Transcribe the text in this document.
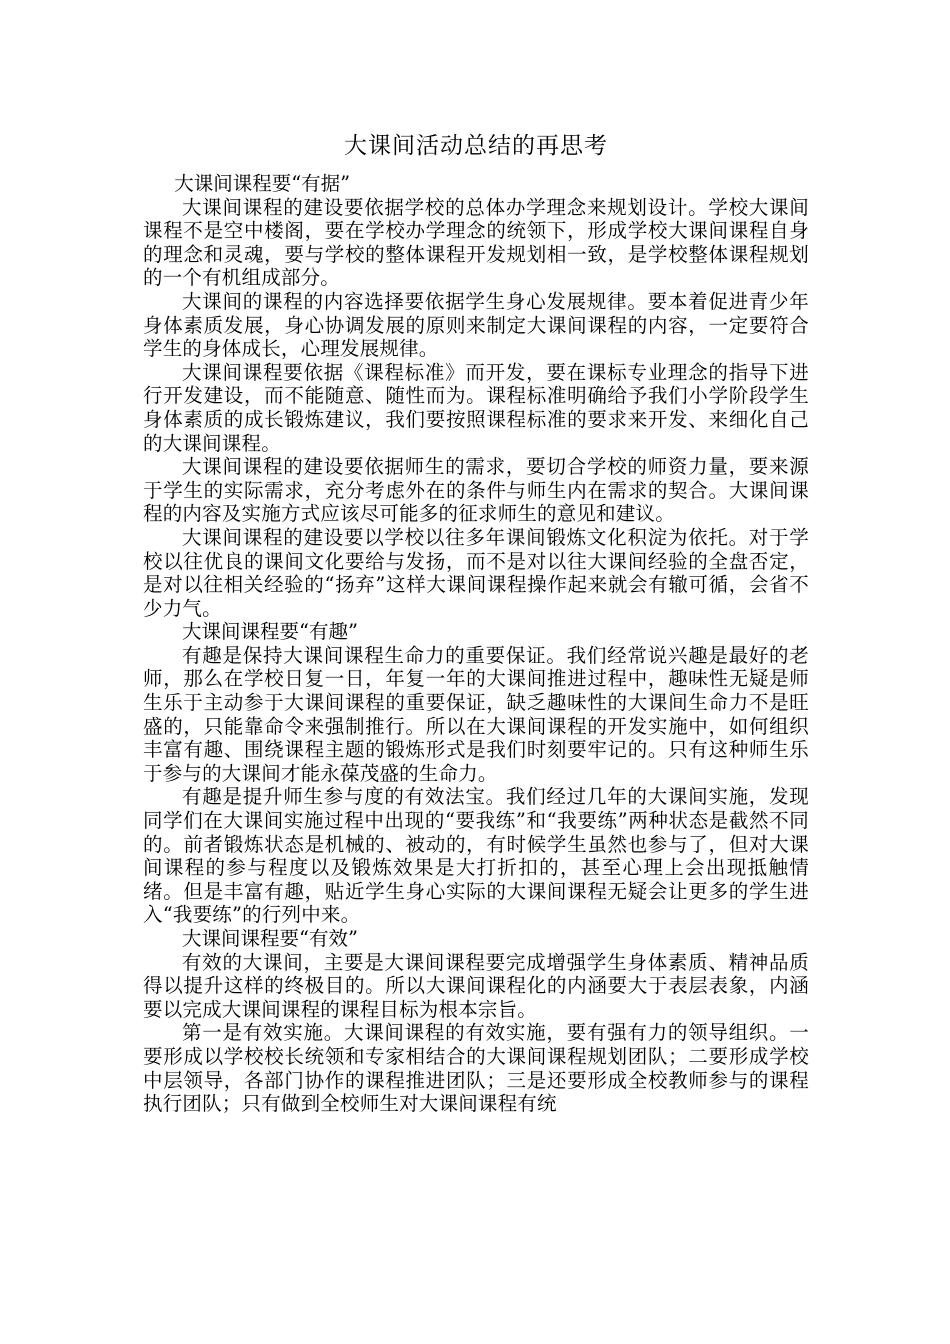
大课间活动总结的再思考

大课间课程要“有据”

大课间课程的建设要依据学校的总体办学理念来规划设计。学校大课间课程不是空中楼阁，要在学校办学理念的统领下，形成学校大课间课程自身的理念和灵魂，要与学校的整体课程开发规划相一致，是学校整体课程规划的一个有机组成部分。

大课间的课程的内容选择要依据学生身心发展规律。要本着促进青少年身体素质发展，身心协调发展的原则来制定大课间课程的内容，一定要符合学生的身体成长，心理发展规律。

大课间课程要依据《课程标准》而开发，要在课标专业理念的指导下进行开发建设，而不能随意、随性而为。课程标准明确给予我们小学阶段学生身体素质的成长锻炼建议，我们要按照课程标准的要求来开发、来细化自己的大课间课程。

大课间课程的建设要依据师生的需求，要切合学校的师资力量，要来源于学生的实际需求，充分考虑外在的条件与师生内在需求的契合。大课间课程的内容及实施方式应该尽可能多的征求师生的意见和建议。

大课间课程的建设要以学校以往多年课间锻炼文化积淀为依托。对于学校以往优良的课间文化要给与发扬，而不是对以往大课间经验的全盘否定，是对以往相关经验的“扬弃”这样大课间课程操作起来就会有辙可循，会省不少力气。

大课间课程要“有趣”

有趣是保持大课间课程生命力的重要保证。我们经常说兴趣是最好的老师，那么在学校日复一日，年复一年的大课间推进过程中，趣味性无疑是师生乐于主动参于大课间课程的重要保证，缺乏趣味性的大课间生命力不是旺盛的，只能靠命令来强制推行。所以在大课间课程的开发实施中，如何组织丰富有趣、围绕课程主题的锻炼形式是我们时刻要牢记的。只有这种师生乐于参与的大课间才能永葆茂盛的生命力。

有趣是提升师生参与度的有效法宝。我们经过几年的大课间实施，发现同学们在大课间实施过程中出现的“要我练”和“我要练”两种状态是截然不同的。前者锻炼状态是机械的、被动的，有时候学生虽然也参与了，但对大课间课程的参与程度以及锻炼效果是大打折扣的，甚至心理上会出现抵触情绪。但是丰富有趣，贴近学生身心实际的大课间课程无疑会让更多的学生进入“我要练”的行列中来。

大课间课程要“有效”

有效的大课间，主要是大课间课程要完成增强学生身体素质、精神品质得以提升这样的终极目的。所以大课间课程化的内涵要大于表层表象，内涵要以完成大课间课程的课程目标为根本宗旨。

第一是有效实施。大课间课程的有效实施，要有强有力的领导组织。一要形成以学校校长统领和专家相结合的大课间课程规划团队；二要形成学校中层领导，各部门协作的课程推进团队；三是还要形成全校教师参与的课程执行团队；只有做到全校师生对大课间课程有统
